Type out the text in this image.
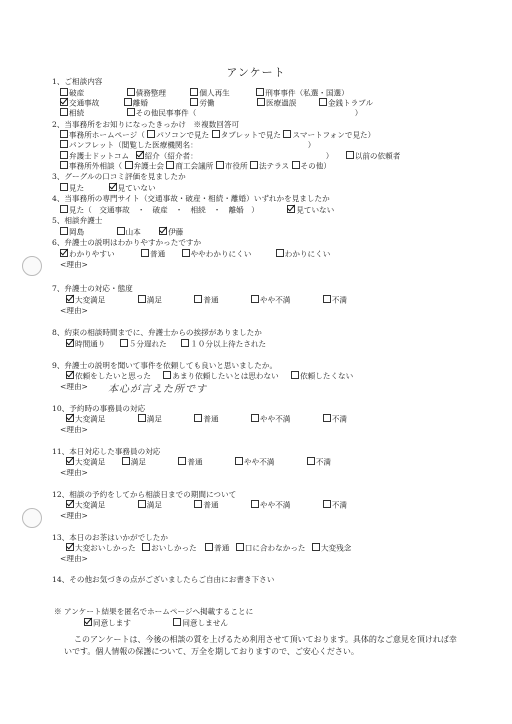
アンケート
1、ご相談内容
破産	債務整理	個人再生	刑事事件（私選・国選）
交通事故	離婚	労働	医療過誤	金銭トラブル
相続	その他民事事件（	）
2、当事務所をお知りになったきっかけ　※複数回答可
事務所ホームページ（ パソコンで見た タブレットで見た スマートフォンで見た）
パンフレット（閲覧した医療機関名：	）
弁護士ドットコム 紹介（紹介者：	）	以前の依頼者
事務所外相談（ 弁護士会 商工会議所 市役所 法テラス その他）
3、グーグルの口コミ評価を見ましたか
見た	見ていない
4、当事務所の専門サイト（交通事故・破産・相続・離婚）いずれかを見ましたか
見た（　交通事故　・　破産　・　相続　・　離婚　）	見ていない
5、相談弁護士
岡島	山本	伊藤
6、弁護士の説明はわかりやすかったですか
わかりやすい	普通	ややわかりにくい	わかりにくい
<理由>
7、弁護士の対応・態度
大変満足	満足	普通	やや不満	不満
<理由>
8、約束の相談時間までに、弁護士からの挨拶がありましたか
時間通り	５分遅れた	１０分以上待たされた
9、弁護士の説明を聞いて事件を依頼しても良いと思いましたか。
依頼をしたいと思った	あまり依頼したいとは思わない	依頼したくない
<理由> 本心が言えた所です
10、予約時の事務員の対応
大変満足	満足	普通	やや不満	不満
<理由>
11、本日対応した事務員の対応
大変満足	満足	普通	やや不満	不満
<理由>
12、相談の予約をしてから相談日までの期間について
大変満足	満足	普通	やや不満	不満
<理由>
13、本日のお茶はいかがでしたか
大変おいしかった おいしかった 普通 口に合わなかった 大変残念
<理由>
14、その他お気づきの点がございましたらご自由にお書き下さい
※ アンケート結果を匿名でホームページへ掲載することに
同意します	同意しません
このアンケートは、今後の相談の質を上げるため利用させて頂いております。具体的なご意見を頂ければ幸いです。個人情報の保護について、万全を期しておりますので、ご安心ください。
